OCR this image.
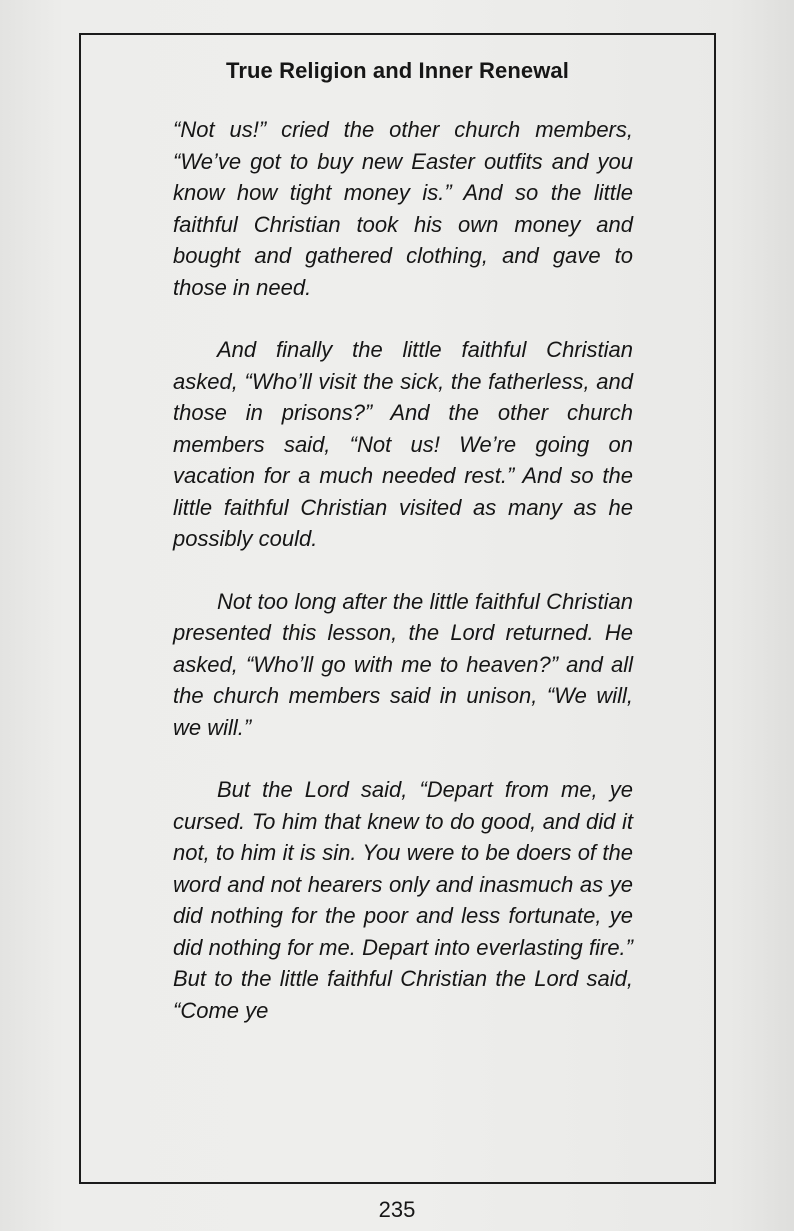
True Religion and Inner Renewal

“Not us!” cried the other church members, “We’ve got to buy new Easter outfits and you know how tight money is.” And so the little faithful Christian took his own money and bought and gathered clothing, and gave to those in need.

And finally the little faithful Christian asked, “Who’ll visit the sick, the fatherless, and those in prisons?” And the other church members said, “Not us! We’re going on vacation for a much needed rest.” And so the little faithful Christian visited as many as he possibly could.

Not too long after the little faithful Christian presented this lesson, the Lord returned. He asked, “Who’ll go with me to heaven?” and all the church members said in unison, “We will, we will.”

But the Lord said, “Depart from me, ye cursed. To him that knew to do good, and did it not, to him it is sin. You were to be doers of the word and not hearers only and inasmuch as ye did nothing for the poor and less fortunate, ye did nothing for me. Depart into everlasting fire.” But to the little faithful Christian the Lord said, “Come ye

235
